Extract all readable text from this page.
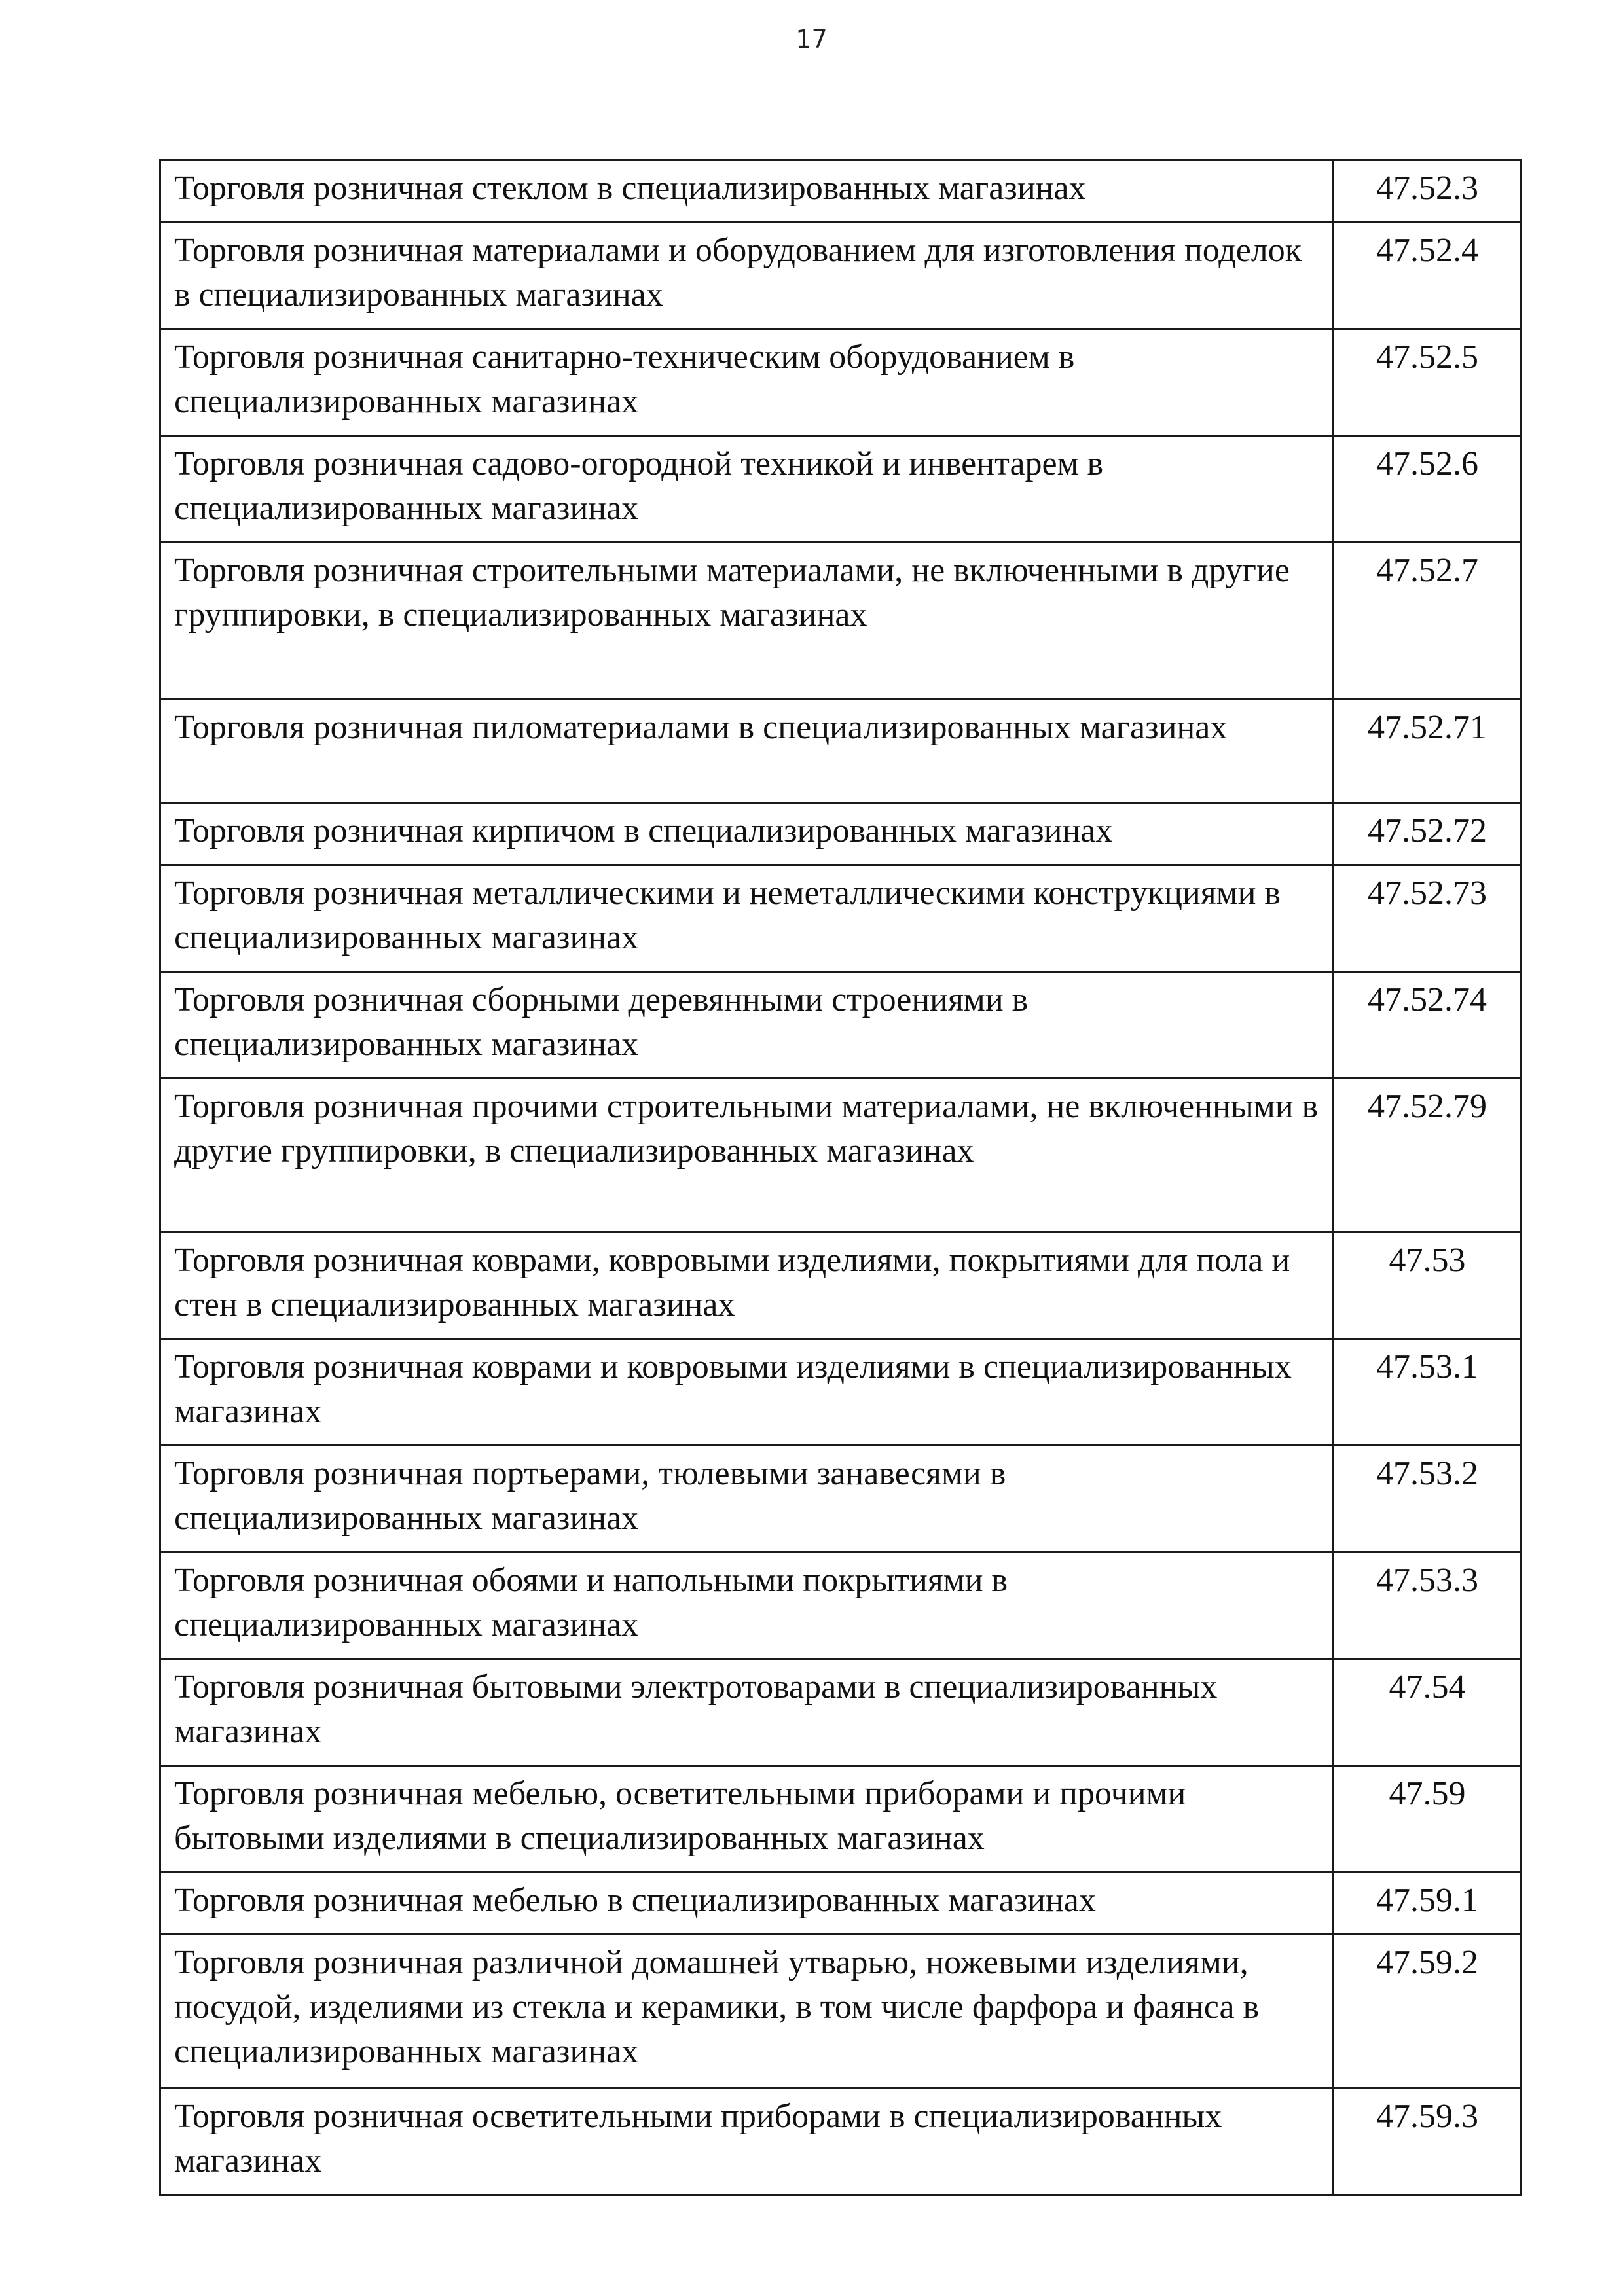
17
Торговля розничная стеклом в специализированных магазинах	47.52.3
Торговля розничная материалами и оборудованием для изготовления поделок в специализированных магазинах	47.52.4
Торговля розничная санитарно-техническим оборудованием в специализированных магазинах	47.52.5
Торговля розничная садово-огородной техникой и инвентарем в специализированных магазинах	47.52.6
Торговля розничная строительными материалами, не включенными в другие группировки, в специализированных магазинах	47.52.7
Торговля розничная пиломатериалами в специализированных магазинах	47.52.71
Торговля розничная кирпичом в специализированных магазинах	47.52.72
Торговля розничная металлическими и неметаллическими конструкциями в специализированных магазинах	47.52.73
Торговля розничная сборными деревянными строениями в специализированных магазинах	47.52.74
Торговля розничная прочими строительными материалами, не включенными в другие группировки, в специализированных магазинах	47.52.79
Торговля розничная коврами, ковровыми изделиями, покрытиями для пола и стен в специализированных магазинах	47.53
Торговля розничная коврами и ковровыми изделиями в специализированных магазинах	47.53.1
Торговля розничная портьерами, тюлевыми занавесями в специализированных магазинах	47.53.2
Торговля розничная обоями и напольными покрытиями в специализированных магазинах	47.53.3
Торговля розничная бытовыми электротоварами в специализированных магазинах	47.54
Торговля розничная мебелью, осветительными приборами и прочими бытовыми изделиями в специализированных магазинах	47.59
Торговля розничная мебелью в специализированных магазинах	47.59.1
Торговля розничная различной домашней утварью, ножевыми изделиями, посудой, изделиями из стекла и керамики, в том числе фарфора и фаянса в специализированных магазинах	47.59.2
Торговля розничная осветительными приборами в специализированных магазинах	47.59.3
